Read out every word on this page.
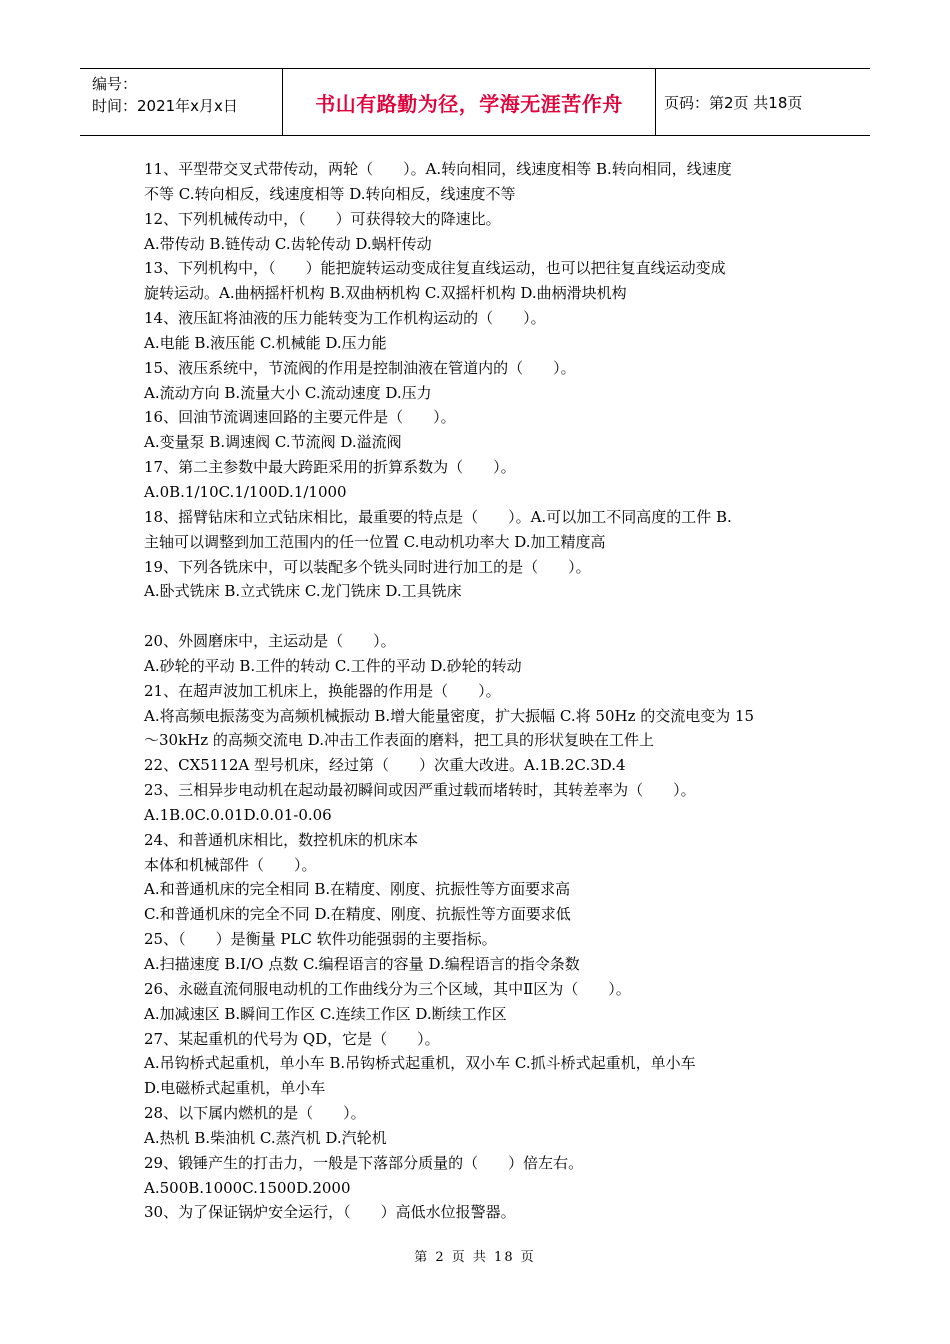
编号：
时间：2021年x月x日	书山有路勤为径，学海无涯苦作舟	页码：第2页 共18页
11、平型带交叉式带传动，两轮（　　）。A.转向相同，线速度相等 B.转向相同，线速度
不等 C.转向相反，线速度相等 D.转向相反，线速度不等
12、下列机械传动中，（　　）可获得较大的降速比。
A.带传动 B.链传动 C.齿轮传动 D.蜗杆传动
13、下列机构中，（　　）能把旋转运动变成往复直线运动，也可以把往复直线运动变成
旋转运动。A.曲柄摇杆机构 B.双曲柄机构 C.双摇杆机构 D.曲柄滑块机构
14、液压缸将油液的压力能转变为工作机构运动的（　　）。
A.电能 B.液压能 C.机械能 D.压力能
15、液压系统中，节流阀的作用是控制油液在管道内的（　　）。
A.流动方向 B.流量大小 C.流动速度 D.压力
16、回油节流调速回路的主要元件是（　　）。
A.变量泵 B.调速阀 C.节流阀 D.溢流阀
17、第二主参数中最大跨距采用的折算系数为（　　）。
A.0B.1/10C.1/100D.1/1000
18、摇臂钻床和立式钻床相比，最重要的特点是（　　）。A.可以加工不同高度的工件 B.
主轴可以调整到加工范围内的任一位置 C.电动机功率大 D.加工精度高
19、下列各铣床中，可以装配多个铣头同时进行加工的是（　　）。
A.卧式铣床 B.立式铣床 C.龙门铣床 D.工具铣床
20、外圆磨床中，主运动是（　　）。
A.砂轮的平动 B.工件的转动 C.工件的平动 D.砂轮的转动
21、在超声波加工机床上，换能器的作用是（　　）。
A.将高频电振荡变为高频机械振动 B.增大能量密度，扩大振幅 C.将 50Hz 的交流电变为 15
～30kHz 的高频交流电 D.冲击工作表面的磨料，把工具的形状复映在工件上
22、CX5112A 型号机床，经过第（　　）次重大改进。A.1B.2C.3D.4
23、三相异步电动机在起动最初瞬间或因严重过载而堵转时，其转差率为（　　）。
A.1B.0C.0.01D.0.01-0.06
24、和普通机床相比，数控机床的机床本
本体和机械部件（　　）。
A.和普通机床的完全相同 B.在精度、刚度、抗振性等方面要求高
C.和普通机床的完全不同 D.在精度、刚度、抗振性等方面要求低
25、（　　）是衡量 PLC 软件功能强弱的主要指标。
A.扫描速度 B.I/O 点数 C.编程语言的容量 D.编程语言的指令条数
26、永磁直流伺服电动机的工作曲线分为三个区域，其中Ⅱ区为（　　）。
A.加减速区 B.瞬间工作区 C.连续工作区 D.断续工作区
27、某起重机的代号为 QD，它是（　　）。
A.吊钩桥式起重机，单小车 B.吊钩桥式起重机，双小车 C.抓斗桥式起重机，单小车
D.电磁桥式起重机，单小车
28、以下属内燃机的是（　　）。
A.热机 B.柴油机 C.蒸汽机 D.汽轮机
29、锻锤产生的打击力，一般是下落部分质量的（　　）倍左右。
A.500B.1000C.1500D.2000
30、为了保证锅炉安全运行，（　　）高低水位报警器。
第 2 页 共 18 页
